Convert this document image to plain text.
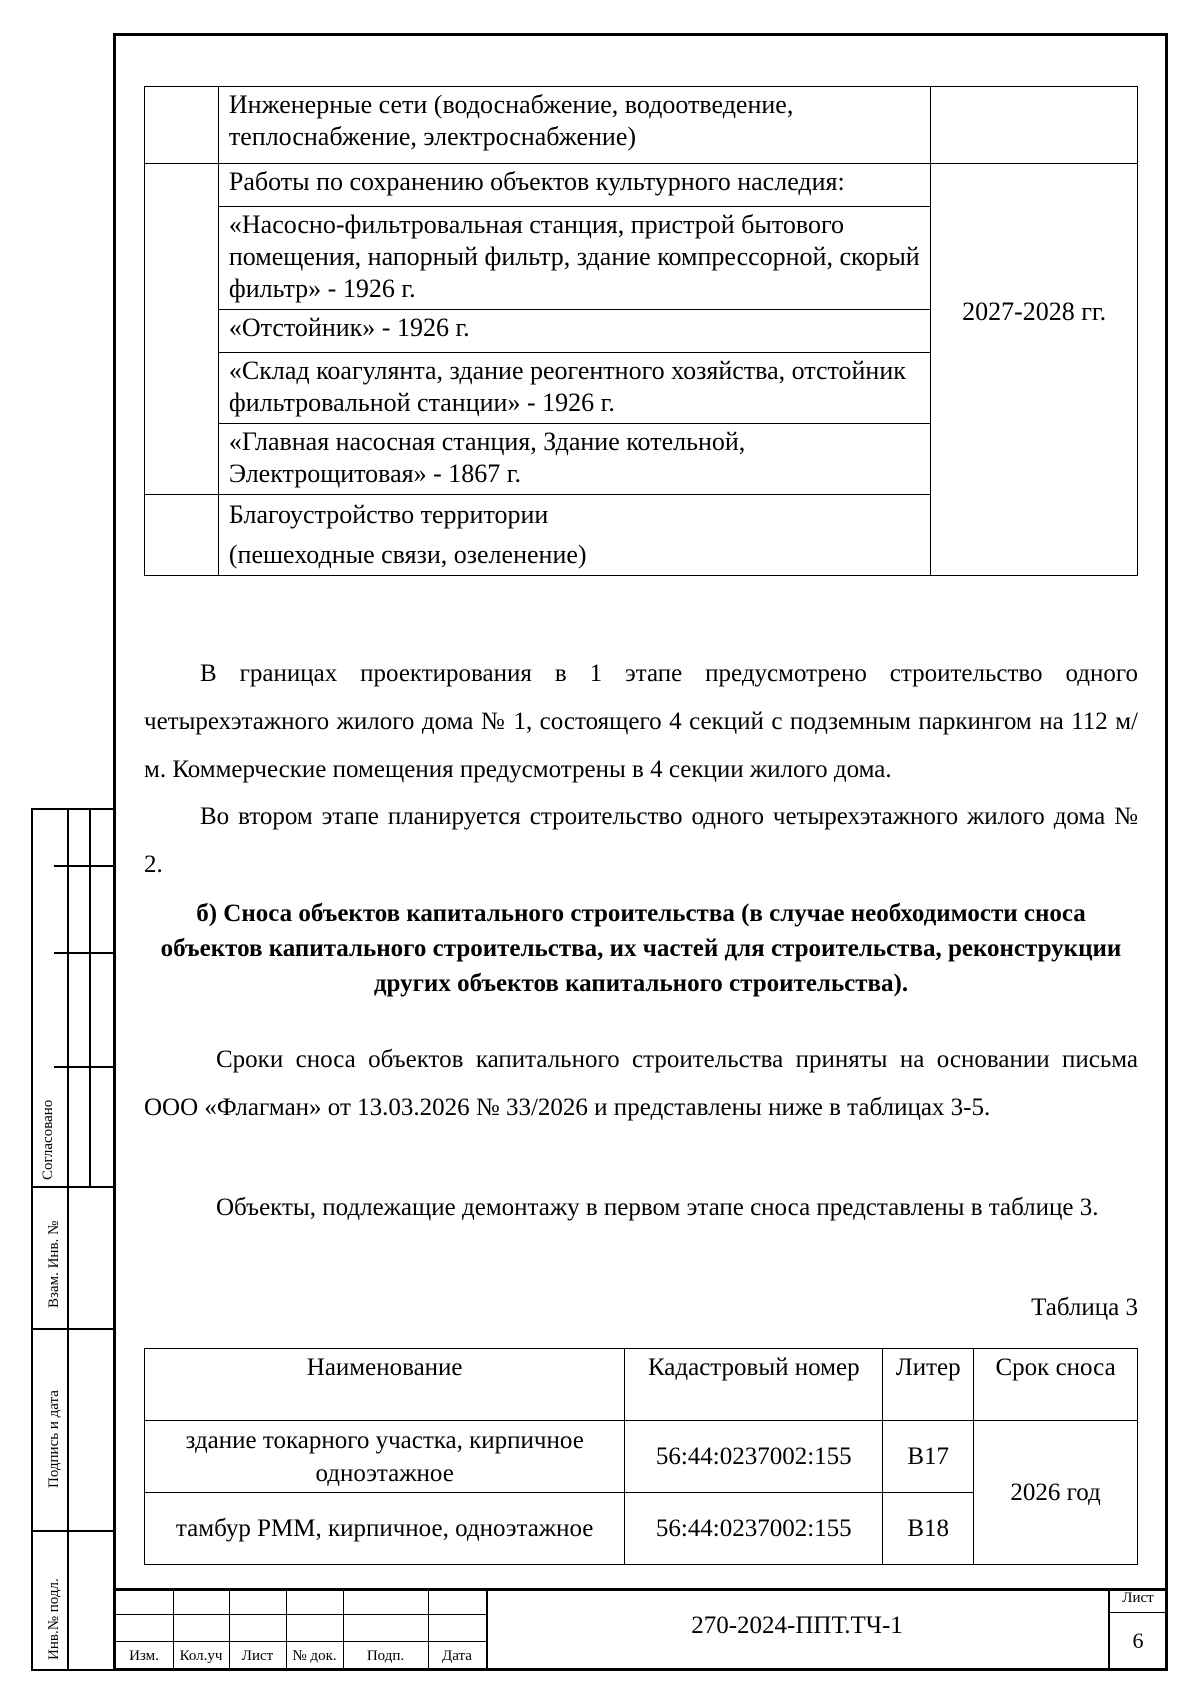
Согласовано
Взам. Инв. №
Подпись и дата
Инв.№ подл.

	Инженерные сети (водоснабжение, водоотведение, теплоснабжение, электроснабжение)	

	Работы по сохранению объектов культурного наследия:
«Насосно-фильтровальная станция, пристрой бытового помещения, напорный фильтр, здание компрессорной, скорый фильтр» - 1926 г.
«Отстойник» - 1926 г.
«Склад коагулянта, здание реогентного хозяйства, отстойник фильтровальной станции» - 1926 г.
«Главная насосная станция, Здание котельной, Электрощитовая» - 1867 г.	2027-2028 гг.

	Благоустройство территории
(пешеходные связи, озеленение)	
В границах проектирования в 1 этапе предусмотрено строительство одного четырехэтажного жилого дома № 1, состоящего 4 секций с подземным паркингом на 112 м/м. Коммерческие помещения предусмотрены в 4 секции жилого дома.
Во втором этапе планируется строительство одного четырехэтажного жилого дома № 2.
б) Сноса объектов капитального строительства (в случае необходимости сноса объектов капитального строительства, их частей для строительства, реконструкции других объектов капитального строительства).
Сроки сноса объектов капитального строительства приняты на основании письма ООО «Флагман» от 13.03.2026 № 33/2026 и представлены ниже в таблицах 3-5.
Объекты, подлежащие демонтажу в первом этапе сноса представлены в таблице 3.
Таблица 3
Наименование	Кадастровый номер	Литер	Срок сноса
здание токарного участка, кирпичное одноэтажное	56:44:0237002:155	В17	2026 год
тамбур РММ, кирпичное, одноэтажное	56:44:0237002:155	В18	
Изм.	Кол.уч	Лист	№ док.	Подп.	Дата
270-2024-ППТ.ТЧ-1
Лист
6
